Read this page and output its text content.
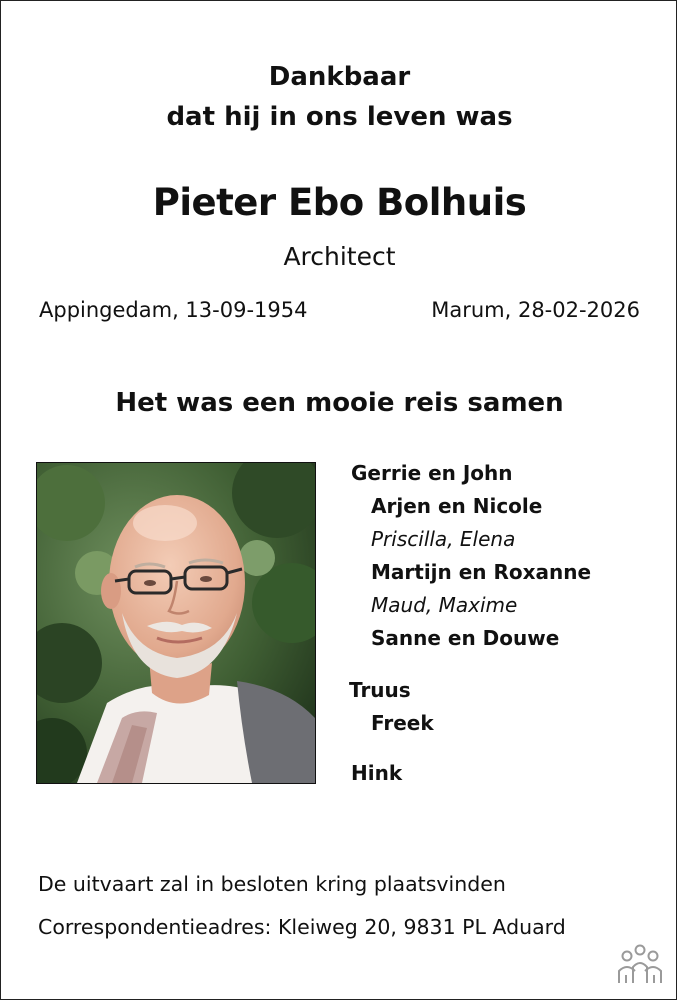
Dankbaar
dat hij in ons leven was
Pieter Ebo Bolhuis
Architect
Appingedam, 13-09-1954	Marum, 28-02-2026
Het was een mooie reis samen
Gerrie en John
Arjen en Nicole
Priscilla, Elena
Martijn en Roxanne
Maud, Maxime
Sanne en Douwe
Truus
Freek
Hink
De uitvaart zal in besloten kring plaatsvinden
Correspondentieadres: Kleiweg 20, 9831 PL Aduard
